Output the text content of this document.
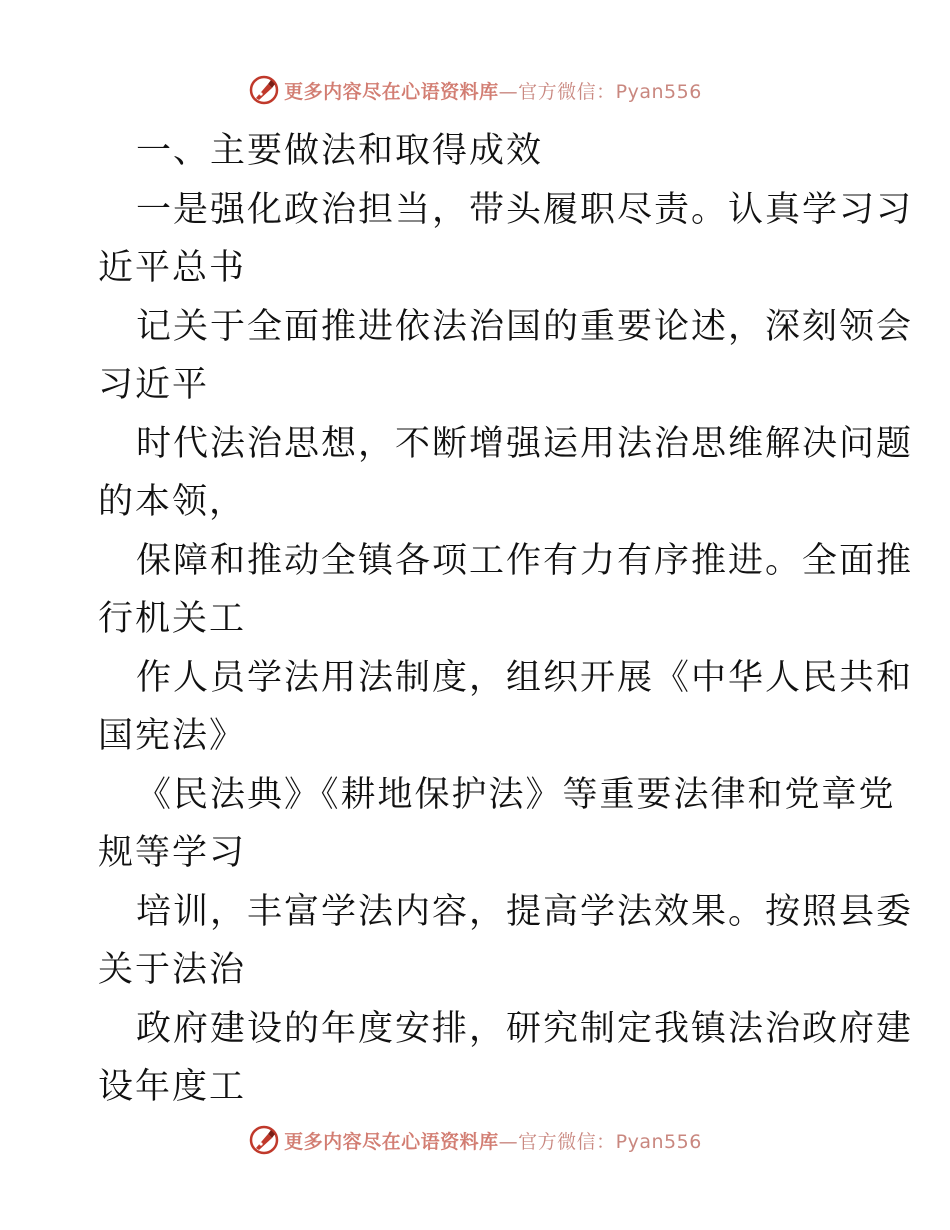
更多内容尽在心语资料库—官方微信：Pyan556
一、主要做法和取得成效
一是强化政治担当，带头履职尽责。认真学习习
近平总书
记关于全面推进依法治国的重要论述，深刻领会
习近平
时代法治思想，不断增强运用法治思维解决问题
的本领，
保障和推动全镇各项工作有力有序推进。全面推
行机关工
作人员学法用法制度，组织开展《中华人民共和
国宪法》
《民法典》《耕地保护法》等重要法律和党章党
规等学习
培训，丰富学法内容，提高学法效果。按照县委
关于法治
政府建设的年度安排，研究制定我镇法治政府建
设年度工
更多内容尽在心语资料库—官方微信：Pyan556
